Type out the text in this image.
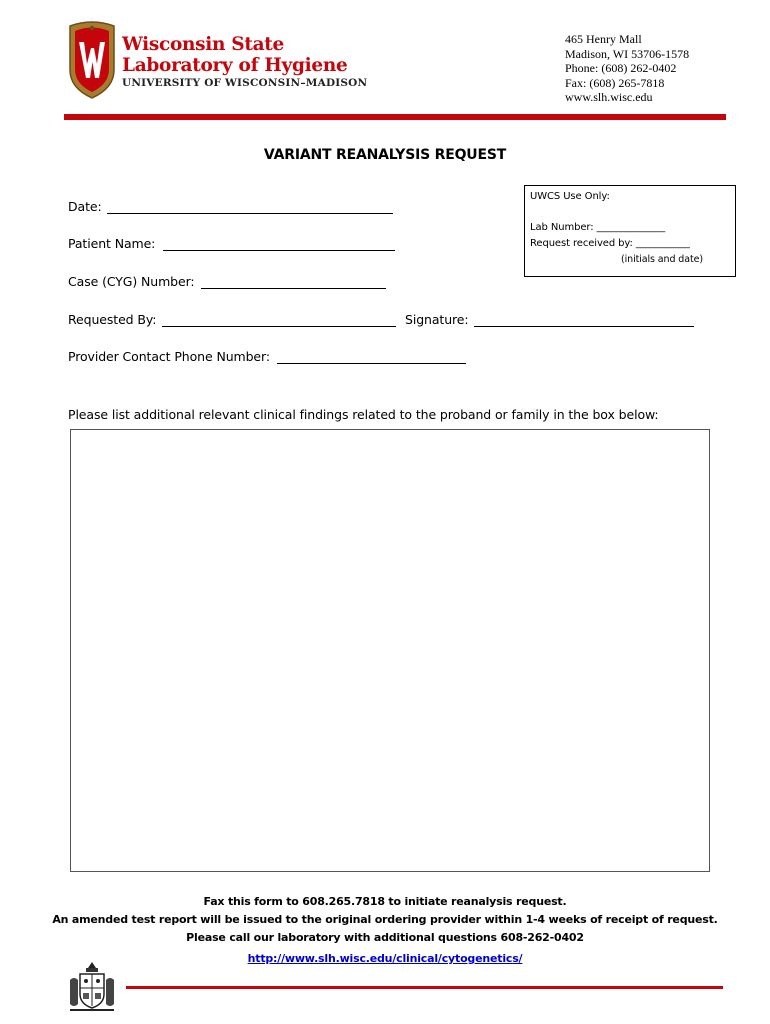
Wisconsin State
Laboratory of Hygiene
UNIVERSITY OF WISCONSIN–MADISON
465 Henry Mall
Madison, WI 53706-1578
Phone: (608) 262-0402
Fax: (608) 265-7818
www.slh.wisc.edu
VARIANT REANALYSIS REQUEST
Date:
Patient Name:
Case (CYG) Number:
Requested By:	Signature:
Provider Contact Phone Number:
UWCS Use Only:
Lab Number: ______________
Request received by: ___________
(initials and date)
Please list additional relevant clinical findings related to the proband or family in the box below:
Fax this form to 608.265.7818 to initiate reanalysis request.
An amended test report will be issued to the original ordering provider within 1-4 weeks of receipt of request.
Please call our laboratory with additional questions 608-262-0402
http://www.slh.wisc.edu/clinical/cytogenetics/
